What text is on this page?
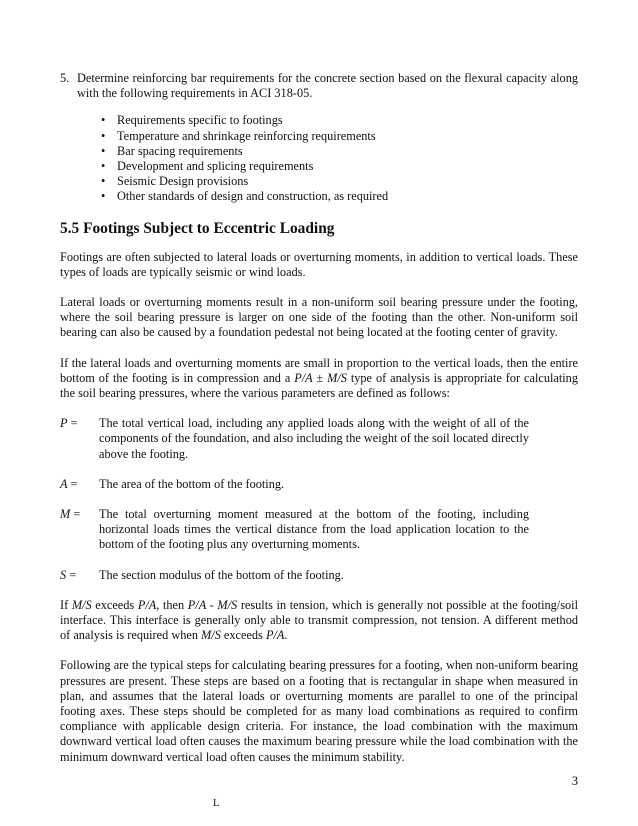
5. Determine reinforcing bar requirements for the concrete section based on the flexural capacity along with the following requirements in ACI 318-05.
• Requirements specific to footings
• Temperature and shrinkage reinforcing requirements
• Bar spacing requirements
• Development and splicing requirements
• Seismic Design provisions
• Other standards of design and construction, as required
5.5 Footings Subject to Eccentric Loading

Footings are often subjected to lateral loads or overturning moments, in addition to vertical loads. These types of loads are typically seismic or wind loads.

Lateral loads or overturning moments result in a non-uniform soil bearing pressure under the footing, where the soil bearing pressure is larger on one side of the footing than the other. Non-uniform soil bearing can also be caused by a foundation pedestal not being located at the footing center of gravity.

If the lateral loads and overturning moments are small in proportion to the vertical loads, then the entire bottom of the footing is in compression and a P/A ± M/S type of analysis is appropriate for calculating the soil bearing pressures, where the various parameters are defined as follows:

P =	The total vertical load, including any applied loads along with the weight of all of the components of the foundation, and also including the weight of the soil located directly above the footing.
A =	The area of the bottom of the footing.
M =	The total overturning moment measured at the bottom of the footing, including horizontal loads times the vertical distance from the load application location to the bottom of the footing plus any overturning moments.
S =	The section modulus of the bottom of the footing.

If M/S exceeds P/A, then P/A - M/S results in tension, which is generally not possible at the footing/soil interface. This interface is generally only able to transmit compression, not tension. A different method of analysis is required when M/S exceeds P/A.

Following are the typical steps for calculating bearing pressures for a footing, when non-uniform bearing pressures are present. These steps are based on a footing that is rectangular in shape when measured in plan, and assumes that the lateral loads or overturning moments are parallel to one of the principal footing axes. These steps should be completed for as many load combinations as required to confirm compliance with applicable design criteria. For instance, the load combination with the maximum downward vertical load often causes the maximum bearing pressure while the load combination with the minimum downward vertical load often causes the minimum stability.

3
L
